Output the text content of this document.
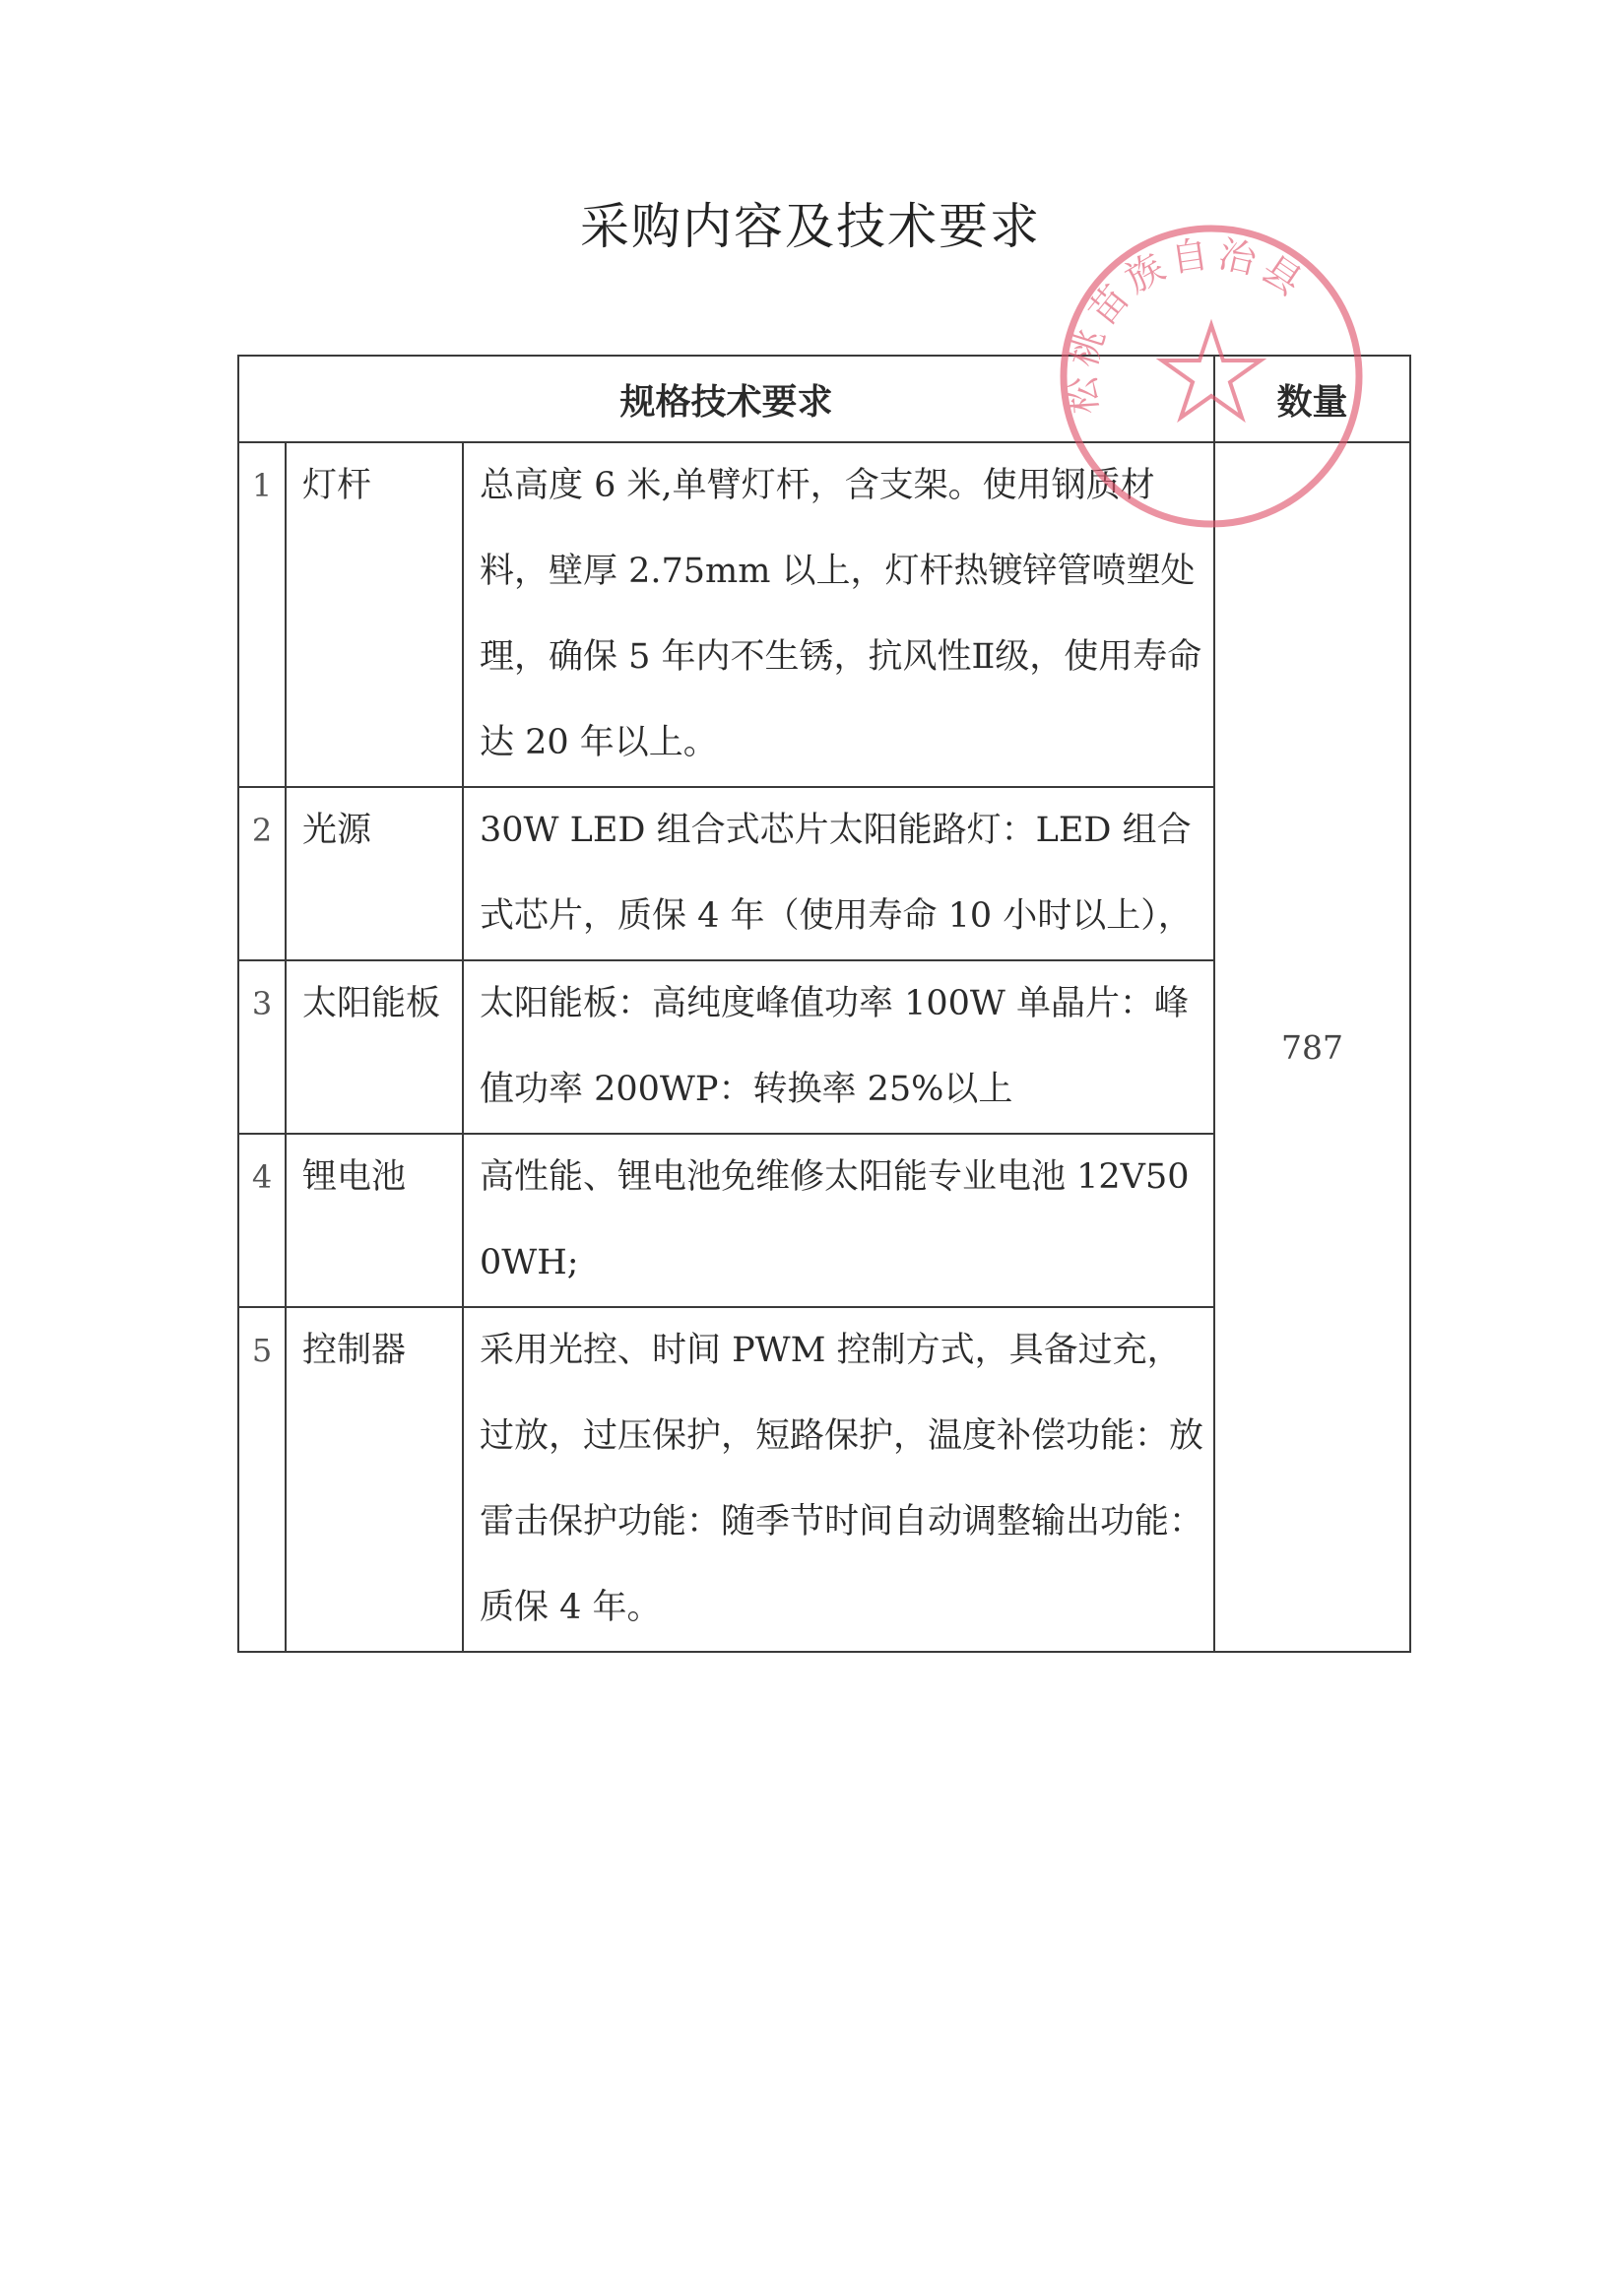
采购内容及技术要求
规格技术要求			数量
1	灯杆	总高度 6 米,单臂灯杆，含支架。使用钢质材料，壁厚 2.75mm 以上，灯杆热镀锌管喷塑处理，确保 5 年内不生锈，抗风性Ⅱ级，使用寿命达 20 年以上。	787
2	光源	30W LED 组合式芯片太阳能路灯：LED 组合式芯片，质保 4 年（使用寿命 10 小时以上），	
3	太阳能板	太阳能板：高纯度峰值功率 100W 单晶片：峰值功率 200WP：转换率 25%以上	
4	锂电池	高性能、锂电池免维修太阳能专业电池 12V500WH;	
5	控制器	采用光控、时间 PWM 控制方式，具备过充，过放，过压保护，短路保护，温度补偿功能：放雷击保护功能：随季节时间自动调整输出功能：质保 4 年。	
松桃苗族自治县
